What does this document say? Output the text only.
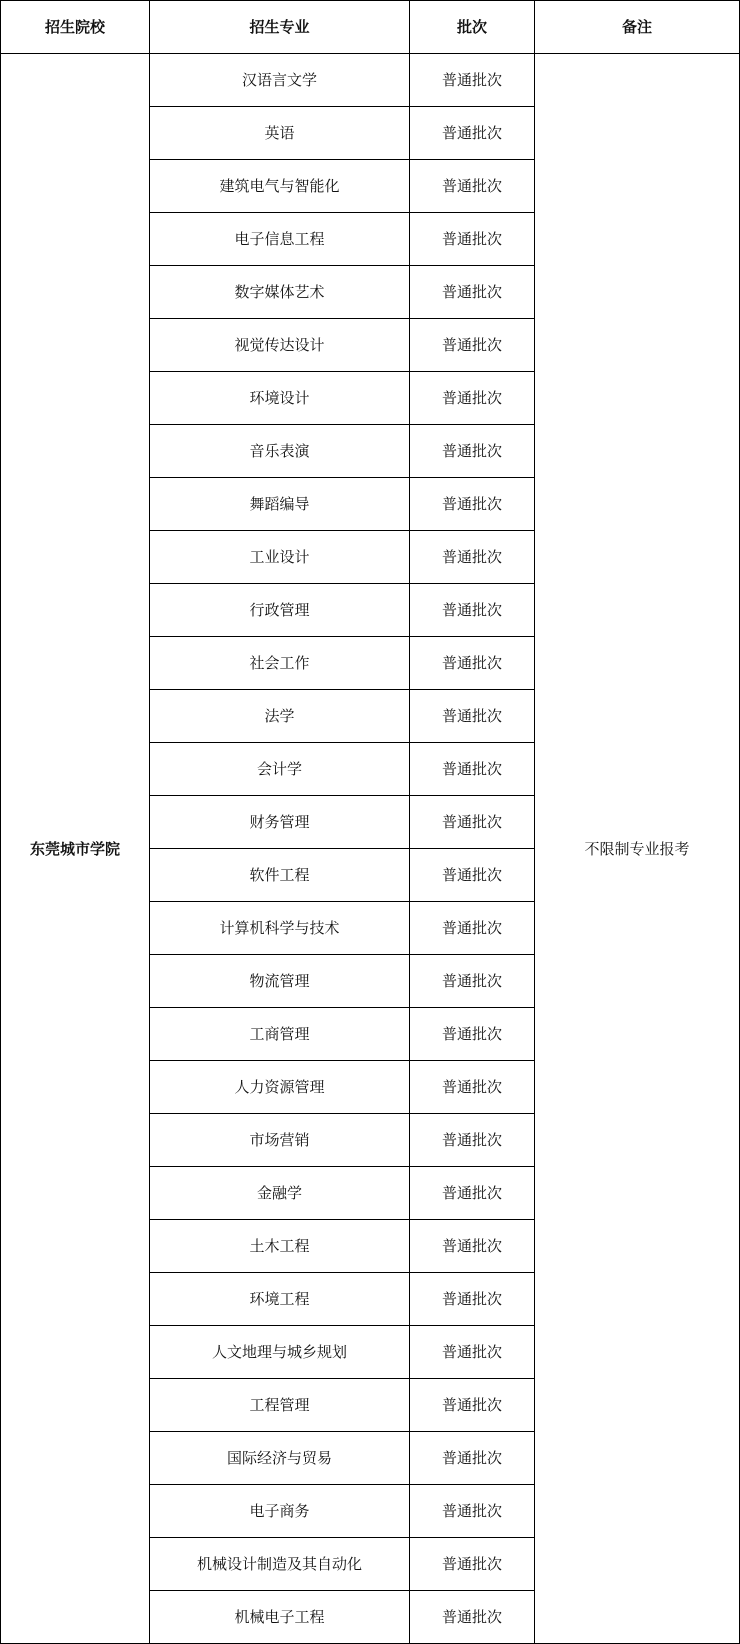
招生院校	招生专业	批次	备注
东莞城市学院	汉语言文学	普通批次	不限制专业报考
	英语	普通批次	
	建筑电气与智能化	普通批次	
	电子信息工程	普通批次	
	数字媒体艺术	普通批次	
	视觉传达设计	普通批次	
	环境设计	普通批次	
	音乐表演	普通批次	
	舞蹈编导	普通批次	
	工业设计	普通批次	
	行政管理	普通批次	
	社会工作	普通批次	
	法学	普通批次	
	会计学	普通批次	
	财务管理	普通批次	
	软件工程	普通批次	
	计算机科学与技术	普通批次	
	物流管理	普通批次	
	工商管理	普通批次	
	人力资源管理	普通批次	
	市场营销	普通批次	
	金融学	普通批次	
	土木工程	普通批次	
	环境工程	普通批次	
	人文地理与城乡规划	普通批次	
	工程管理	普通批次	
	国际经济与贸易	普通批次	
	电子商务	普通批次	
	机械设计制造及其自动化	普通批次	
	机械电子工程	普通批次	
